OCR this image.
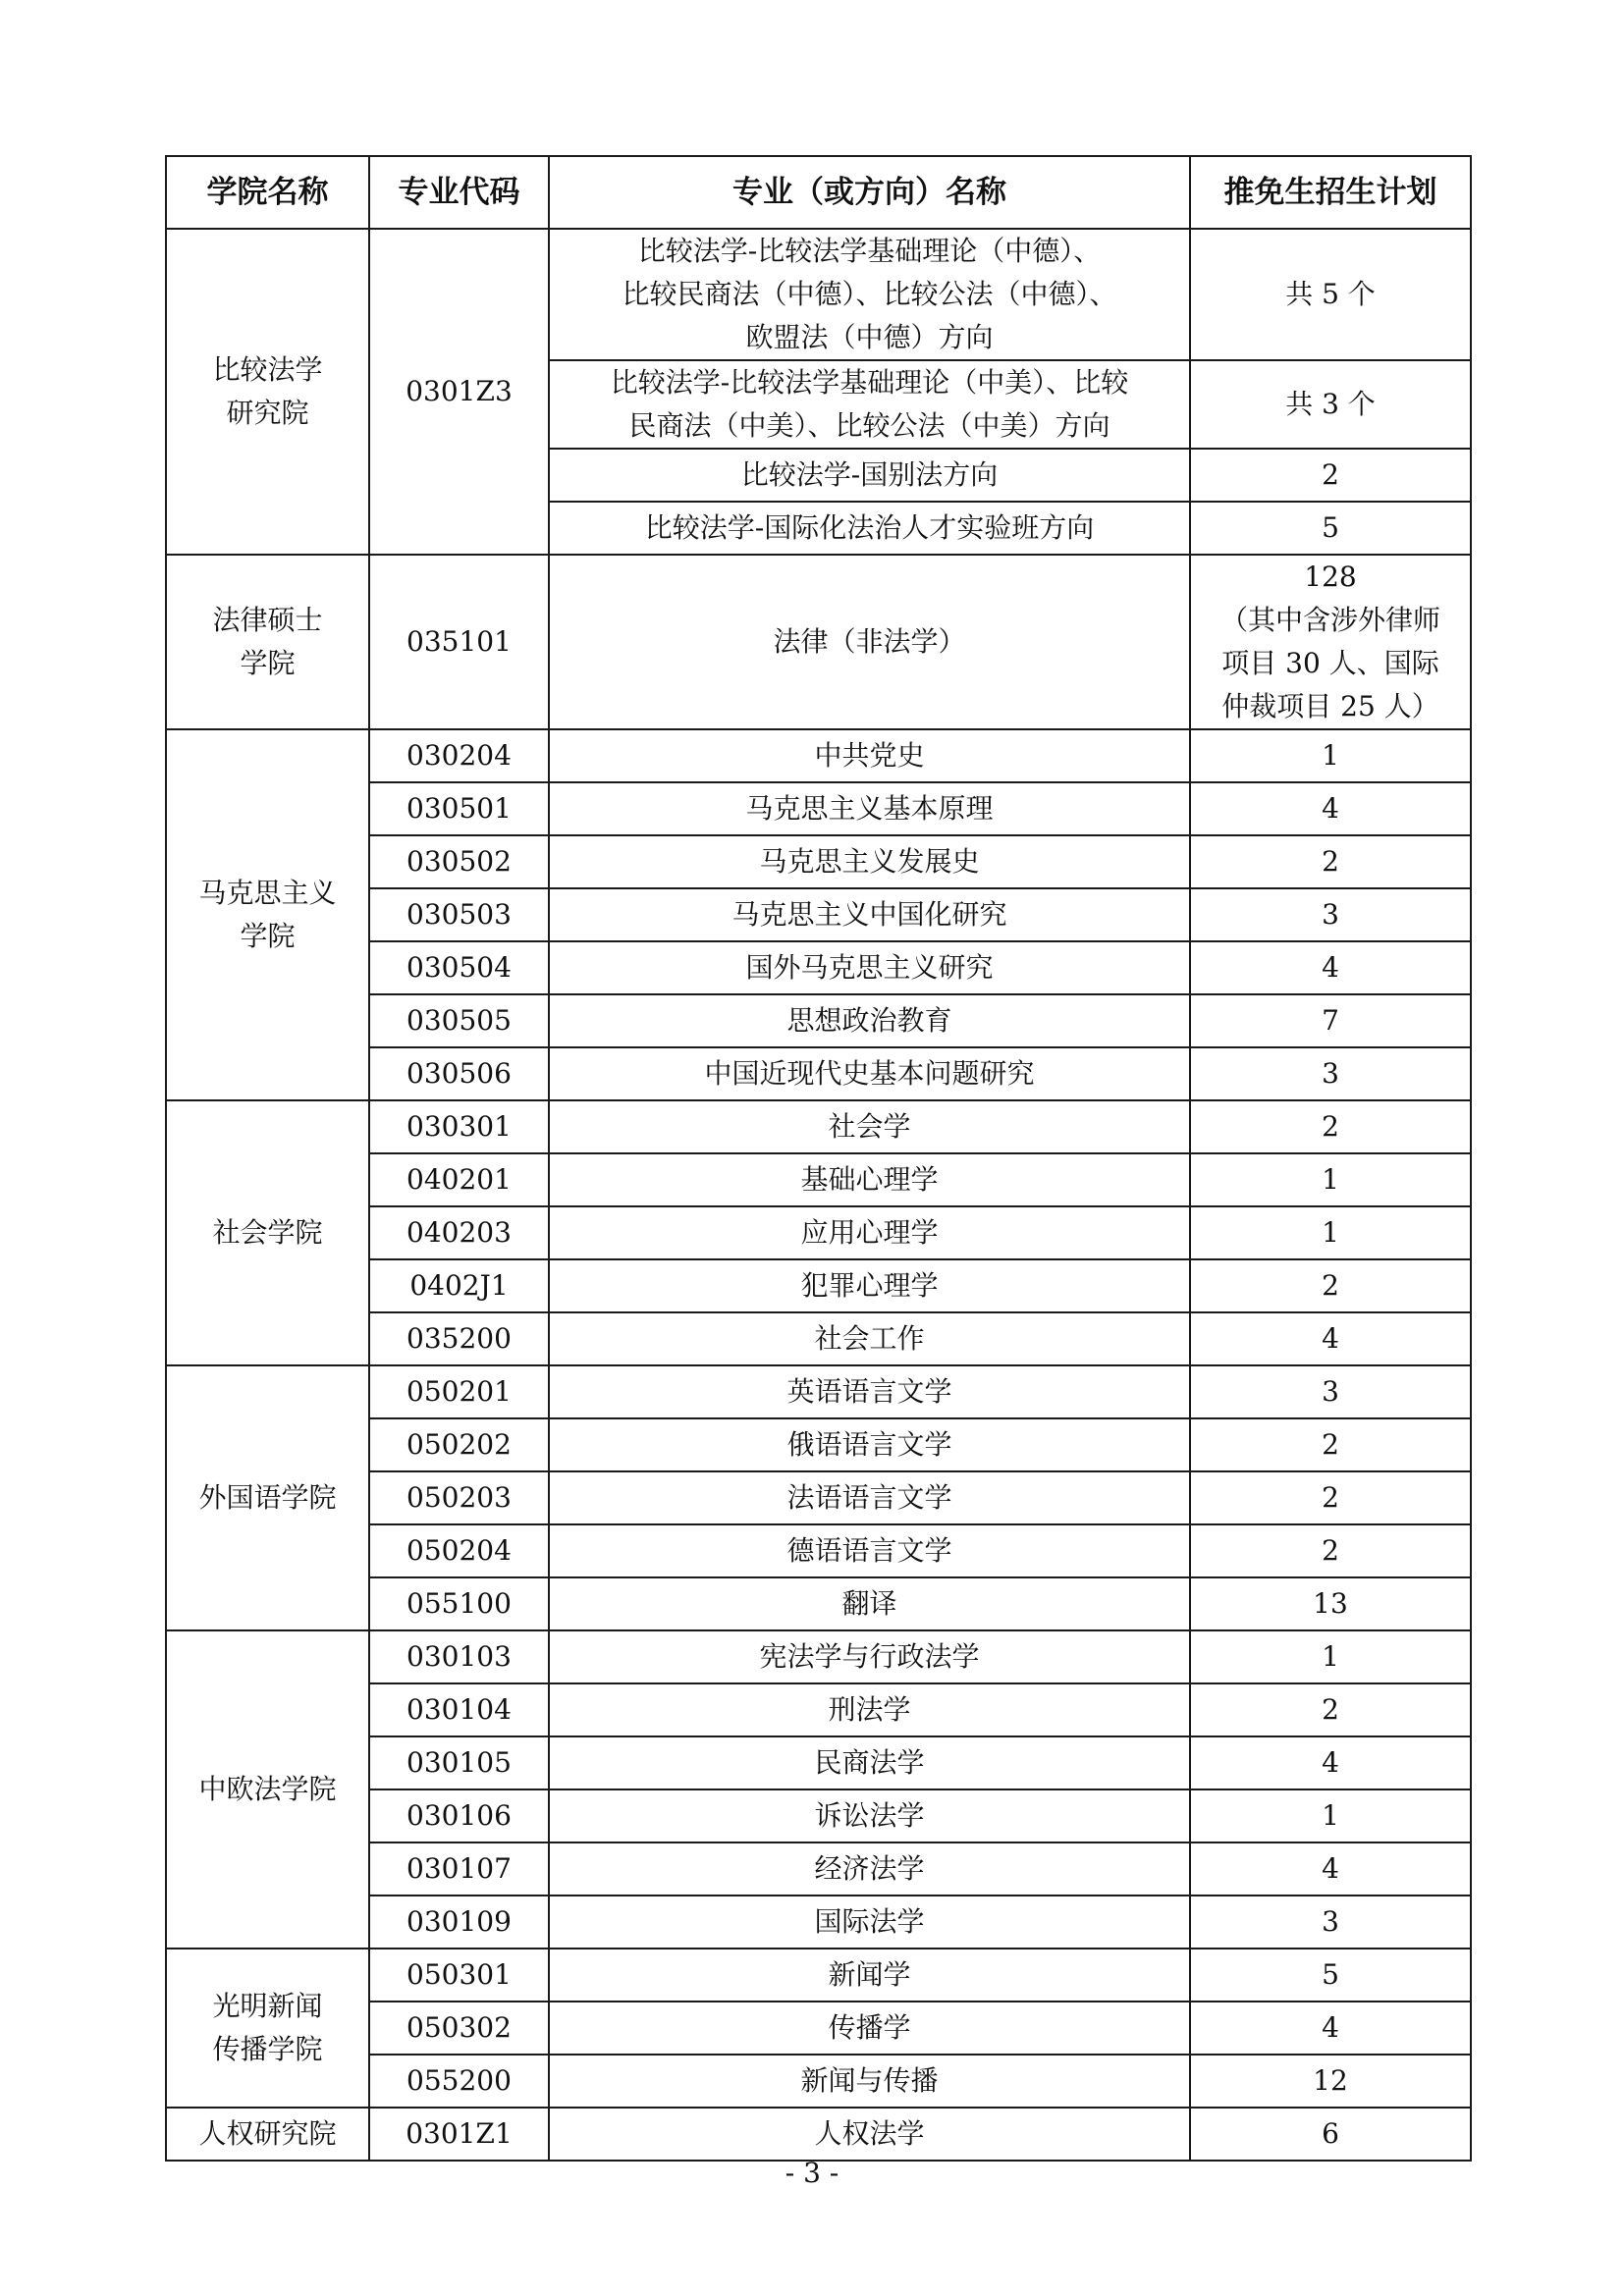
学院名称	专业代码	专业（或方向）名称	推免生招生计划
比较法学
研究院	0301Z3	比较法学-比较法学基础理论（中德）、
比较民商法（中德）、比较公法（中德）、
欧盟法（中德）方向	共 5 个
		比较法学-比较法学基础理论（中美）、比较
民商法（中美）、比较公法（中美）方向	共 3 个
		比较法学-国别法方向	2
		比较法学-国际化法治人才实验班方向	5
法律硕士
学院	035101	法律（非法学）	128
（其中含涉外律师
项目 30 人、国际
仲裁项目 25 人）
马克思主义
学院	030204	中共党史	1
	030501	马克思主义基本原理	4
	030502	马克思主义发展史	2
	030503	马克思主义中国化研究	3
	030504	国外马克思主义研究	4
	030505	思想政治教育	7
	030506	中国近现代史基本问题研究	3
社会学院	030301	社会学	2
	040201	基础心理学	1
	040203	应用心理学	1
	0402J1	犯罪心理学	2
	035200	社会工作	4
外国语学院	050201	英语语言文学	3
	050202	俄语语言文学	2
	050203	法语语言文学	2
	050204	德语语言文学	2
	055100	翻译	13
中欧法学院	030103	宪法学与行政法学	1
	030104	刑法学	2
	030105	民商法学	4
	030106	诉讼法学	1
	030107	经济法学	4
	030109	国际法学	3
光明新闻
传播学院	050301	新闻学	5
	050302	传播学	4
	055200	新闻与传播	12
人权研究院	0301Z1	人权法学	6
- 3 -
